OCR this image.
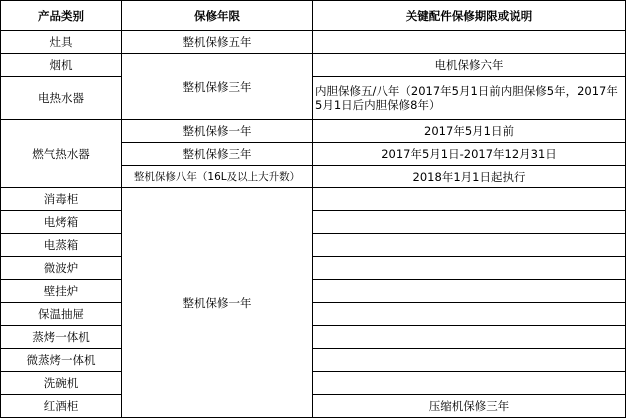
产品类别	保修年限	关键配件保修期限或说明
灶具	整机保修五年	
烟机	整机保修三年	电机保修六年
电热水器		内胆保修五/八年（2017年5月1日前内胆保修5年，2017年5月1日后内胆保修8年）
燃气热水器	整机保修一年	2017年5月1日前
	整机保修三年	2017年5月1日-2017年12月31日
	整机保修八年（16L及以上大升数）	2018年1月1日起执行
消毒柜	整机保修一年	
电烤箱		
电蒸箱		
微波炉		
壁挂炉		
保温抽屉		
蒸烤一体机		
微蒸烤一体机		
洗碗机		
红酒柜		压缩机保修三年
